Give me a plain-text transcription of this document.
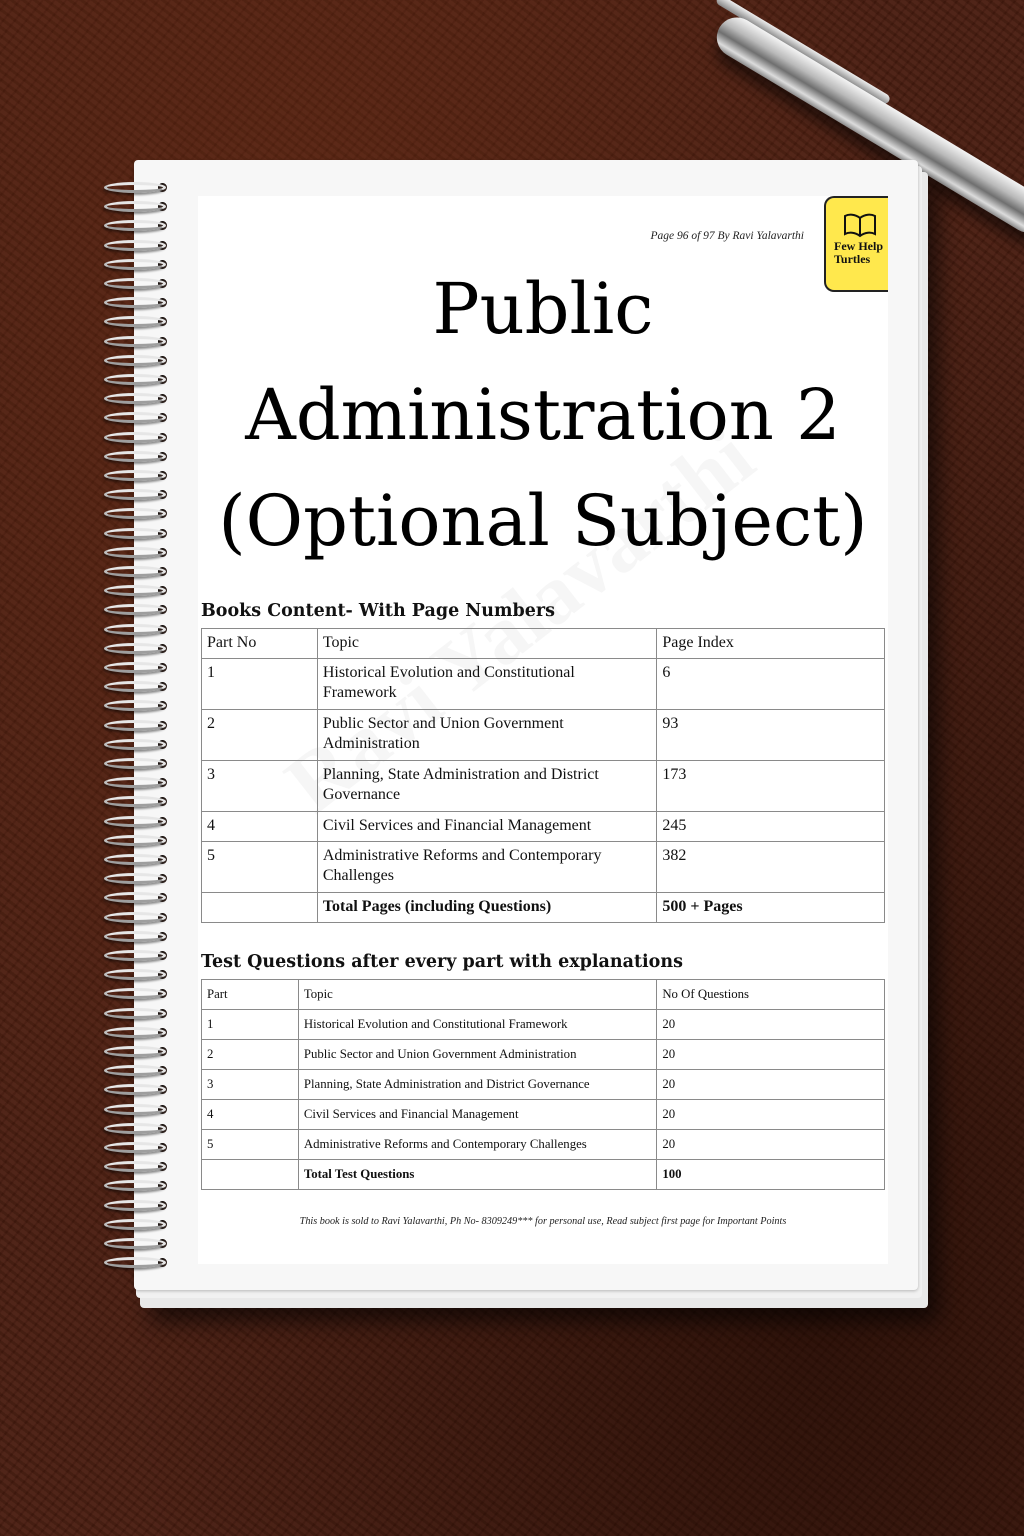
Page 96 of 97 By Ravi Yalavarthi
Few Help
Turtles
Public
Administration 2
(Optional Subject)
Books Content- With Page Numbers
Part No	Topic	Page Index
1	Historical Evolution and Constitutional Framework	6
2	Public Sector and Union Government Administration	93
3	Planning, State Administration and District Governance	173
4	Civil Services and Financial Management	245
5	Administrative Reforms and Contemporary Challenges	382
	Total Pages (including Questions)	500 + Pages
Test Questions after every part with explanations
Part	Topic	No Of Questions
1	Historical Evolution and Constitutional Framework	20
2	Public Sector and Union Government Administration	20
3	Planning, State Administration and District Governance	20
4	Civil Services and Financial Management	20
5	Administrative Reforms and Contemporary Challenges	20
	Total Test Questions	100
This book is sold to Ravi Yalavarthi, Ph No- 8309249*** for personal use, Read subject first page for Important Points
